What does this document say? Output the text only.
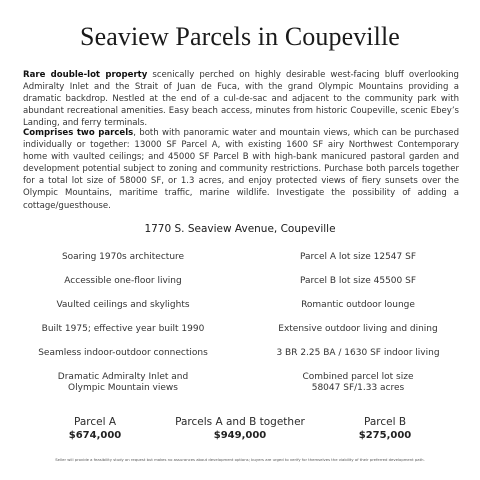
Seaview Parcels in Coupeville

Rare double-lot property scenically perched on highly desirable west-facing bluff overlooking Admiralty Inlet and the Strait of Juan de Fuca, with the grand Olympic Mountains providing a dramatic backdrop. Nestled at the end of a cul-de-sac and adjacent to the community park with abundant recreational amenities. Easy beach access, minutes from historic Coupeville, scenic Ebey’s Landing, and ferry terminals.

Comprises two parcels, both with panoramic water and mountain views, which can be purchased individually or together: 13000 SF Parcel A, with existing 1600 SF airy Northwest Contemporary home with vaulted ceilings; and 45000 SF Parcel B with high-bank manicured pastoral garden and development potential subject to zoning and community restrictions. Purchase both parcels together for a total lot size of 58000 SF, or 1.3 acres, and enjoy protected views of fiery sunsets over the Olympic Mountains, maritime traffic, marine wildlife. Investigate the possibility of adding a cottage/guesthouse.

1770 S. Seaview Avenue, Coupeville
Soaring 1970s architecture
Accessible one-floor living
Vaulted ceilings and skylights
Built 1975; effective year built 1990
Seamless indoor-outdoor connections
Dramatic Admiralty Inlet and
Olympic Mountain views
Parcel A lot size 12547 SF
Parcel B lot size 45500 SF
Romantic outdoor lounge
Extensive outdoor living and dining
3 BR 2.25 BA / 1630 SF indoor living
Combined parcel lot size
58047 SF/1.33 acres
Parcel A
$674,000
Parcels A and B together
$949,000
Parcel B
$275,000
Seller will provide a feasibility study on request but makes no assurances about development options; buyers are urged to verify for themselves the viability of their preferred development path.
